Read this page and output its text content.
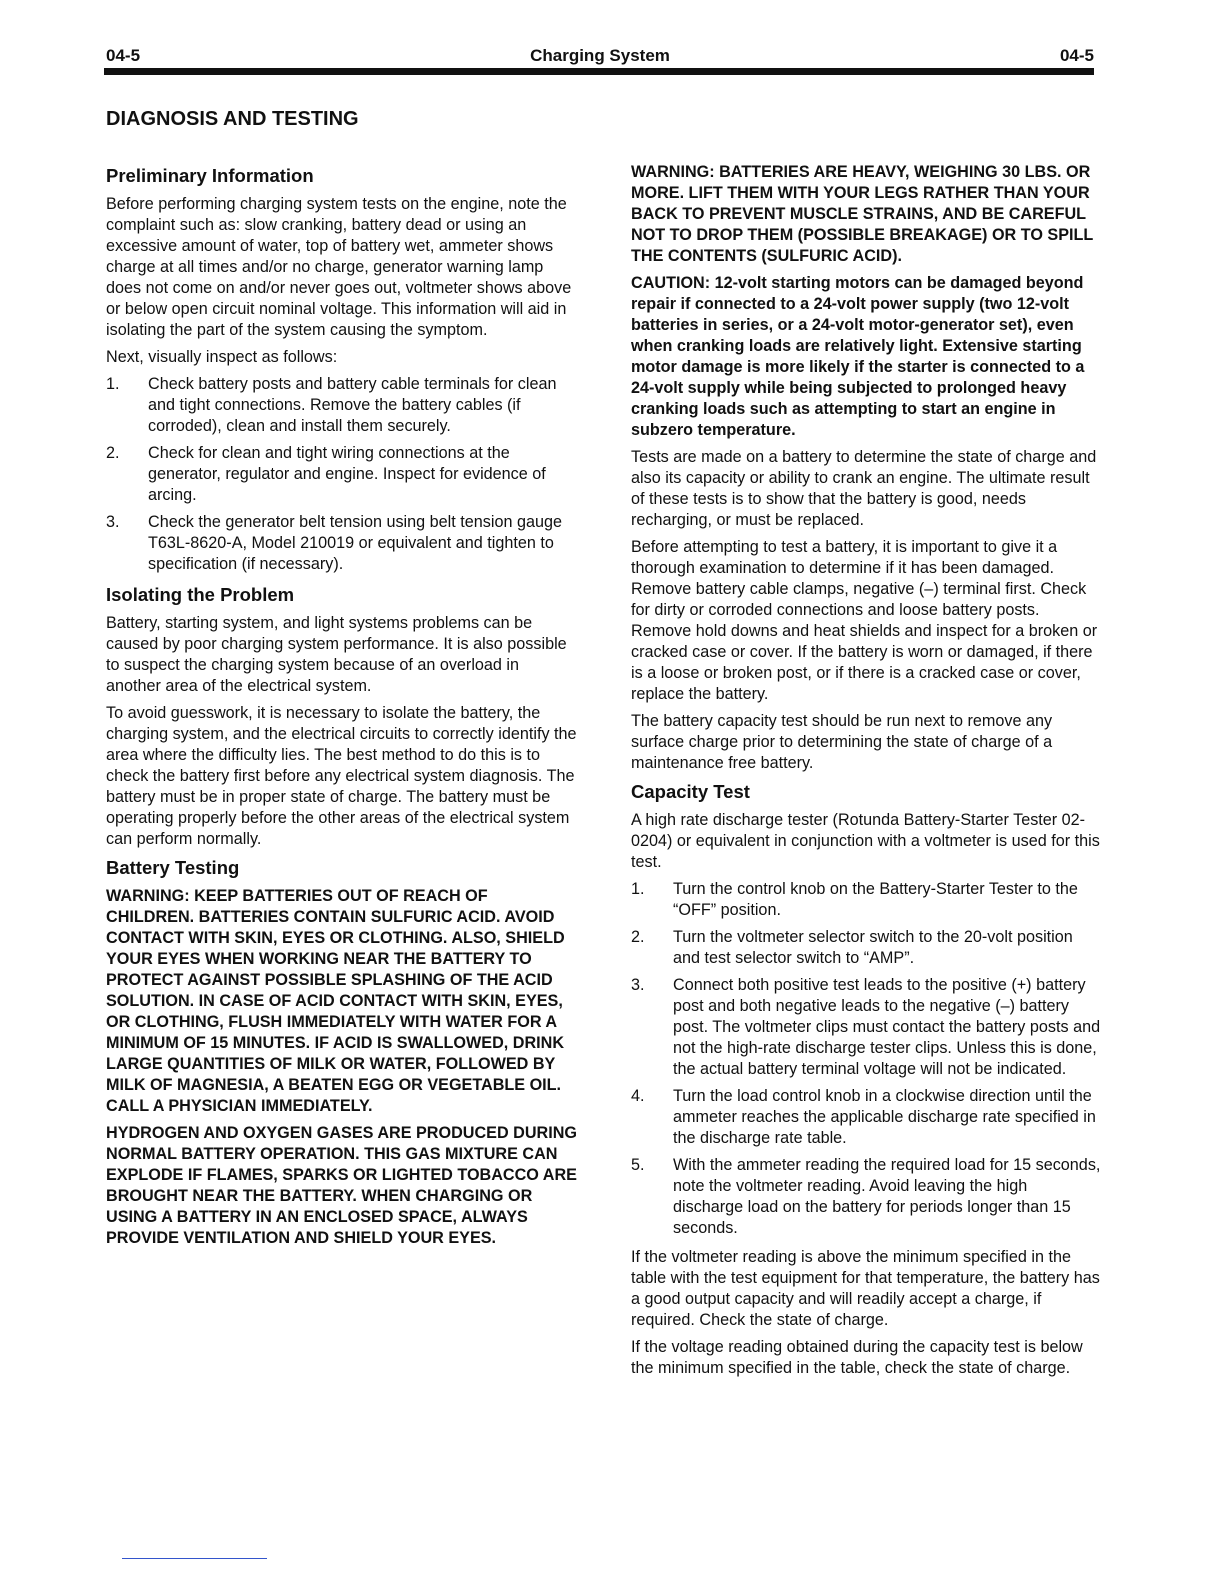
04-5	Charging System	04-5
DIAGNOSIS AND TESTING
Preliminary Information

Before performing charging system tests on the engine, note the complaint such as: slow cranking, battery dead or using an excessive amount of water, top of battery wet, ammeter shows charge at all times and/or no charge, generator warning lamp does not come on and/or never goes out, voltmeter shows above or below open circuit nominal voltage. This information will aid in isolating the part of the system causing the symptom.

Next, visually inspect as follows:

1. Check battery posts and battery cable terminals for clean and tight connections. Remove the battery cables (if corroded), clean and install them securely.
2. Check for clean and tight wiring connections at the generator, regulator and engine. Inspect for evidence of arcing.
3. Check the generator belt tension using belt tension gauge T63L-8620-A, Model 210019 or equivalent and tighten to specification (if necessary).
Isolating the Problem

Battery, starting system, and light systems problems can be caused by poor charging system performance. It is also possible to suspect the charging system because of an overload in another area of the electrical system.

To avoid guesswork, it is necessary to isolate the battery, the charging system, and the electrical circuits to correctly identify the area where the difficulty lies. The best method to do this is to check the battery first before any electrical system diagnosis. The battery must be in proper state of charge. The battery must be operating properly before the other areas of the electrical system can perform normally.

Battery Testing

WARNING: KEEP BATTERIES OUT OF REACH OF CHILDREN. BATTERIES CONTAIN SULFURIC ACID. AVOID CONTACT WITH SKIN, EYES OR CLOTHING. ALSO, SHIELD YOUR EYES WHEN WORKING NEAR THE BATTERY TO PROTECT AGAINST POSSIBLE SPLASHING OF THE ACID SOLUTION. IN CASE OF ACID CONTACT WITH SKIN, EYES, OR CLOTHING, FLUSH IMMEDIATELY WITH WATER FOR A MINIMUM OF 15 MINUTES. IF ACID IS SWALLOWED, DRINK LARGE QUANTITIES OF MILK OR WATER, FOLLOWED BY MILK OF MAGNESIA, A BEATEN EGG OR VEGETABLE OIL. CALL A PHYSICIAN IMMEDIATELY.

HYDROGEN AND OXYGEN GASES ARE PRODUCED DURING NORMAL BATTERY OPERATION. THIS GAS MIXTURE CAN EXPLODE IF FLAMES, SPARKS OR LIGHTED TOBACCO ARE BROUGHT NEAR THE BATTERY. WHEN CHARGING OR USING A BATTERY IN AN ENCLOSED SPACE, ALWAYS PROVIDE VENTILATION AND SHIELD YOUR EYES.

WARNING: BATTERIES ARE HEAVY, WEIGHING 30 LBS. OR MORE. LIFT THEM WITH YOUR LEGS RATHER THAN YOUR BACK TO PREVENT MUSCLE STRAINS, AND BE CAREFUL NOT TO DROP THEM (POSSIBLE BREAKAGE) OR TO SPILL THE CONTENTS (SULFURIC ACID).

CAUTION: 12-volt starting motors can be damaged beyond repair if connected to a 24-volt power supply (two 12-volt batteries in series, or a 24-volt motor-generator set), even when cranking loads are relatively light. Extensive starting motor damage is more likely if the starter is connected to a 24-volt supply while being subjected to prolonged heavy cranking loads such as attempting to start an engine in subzero temperature.

Tests are made on a battery to determine the state of charge and also its capacity or ability to crank an engine. The ultimate result of these tests is to show that the battery is good, needs recharging, or must be replaced.

Before attempting to test a battery, it is important to give it a thorough examination to determine if it has been damaged. Remove battery cable clamps, negative (–) terminal first. Check for dirty or corroded connections and loose battery posts. Remove hold downs and heat shields and inspect for a broken or cracked case or cover. If the battery is worn or damaged, if there is a loose or broken post, or if there is a cracked case or cover, replace the battery.

The battery capacity test should be run next to remove any surface charge prior to determining the state of charge of a maintenance free battery.

Capacity Test

A high rate discharge tester (Rotunda Battery-Starter Tester 02-0204) or equivalent in conjunction with a voltmeter is used for this test.

1. Turn the control knob on the Battery-Starter Tester to the “OFF” position.
2. Turn the voltmeter selector switch to the 20-volt position and test selector switch to “AMP”.
3. Connect both positive test leads to the positive (+) battery post and both negative leads to the negative (–) battery post. The voltmeter clips must contact the battery posts and not the high-rate discharge tester clips. Unless this is done, the actual battery terminal voltage will not be indicated.
4. Turn the load control knob in a clockwise direction until the ammeter reaches the applicable discharge rate specified in the discharge rate table.
5. With the ammeter reading the required load for 15 seconds, note the voltmeter reading. Avoid leaving the high discharge load on the battery for periods longer than 15 seconds.

If the voltmeter reading is above the minimum specified in the table with the test equipment for that temperature, the battery has a good output capacity and will readily accept a charge, if required. Check the state of charge.

If the voltage reading obtained during the capacity test is below the minimum specified in the table, check the state of charge.
